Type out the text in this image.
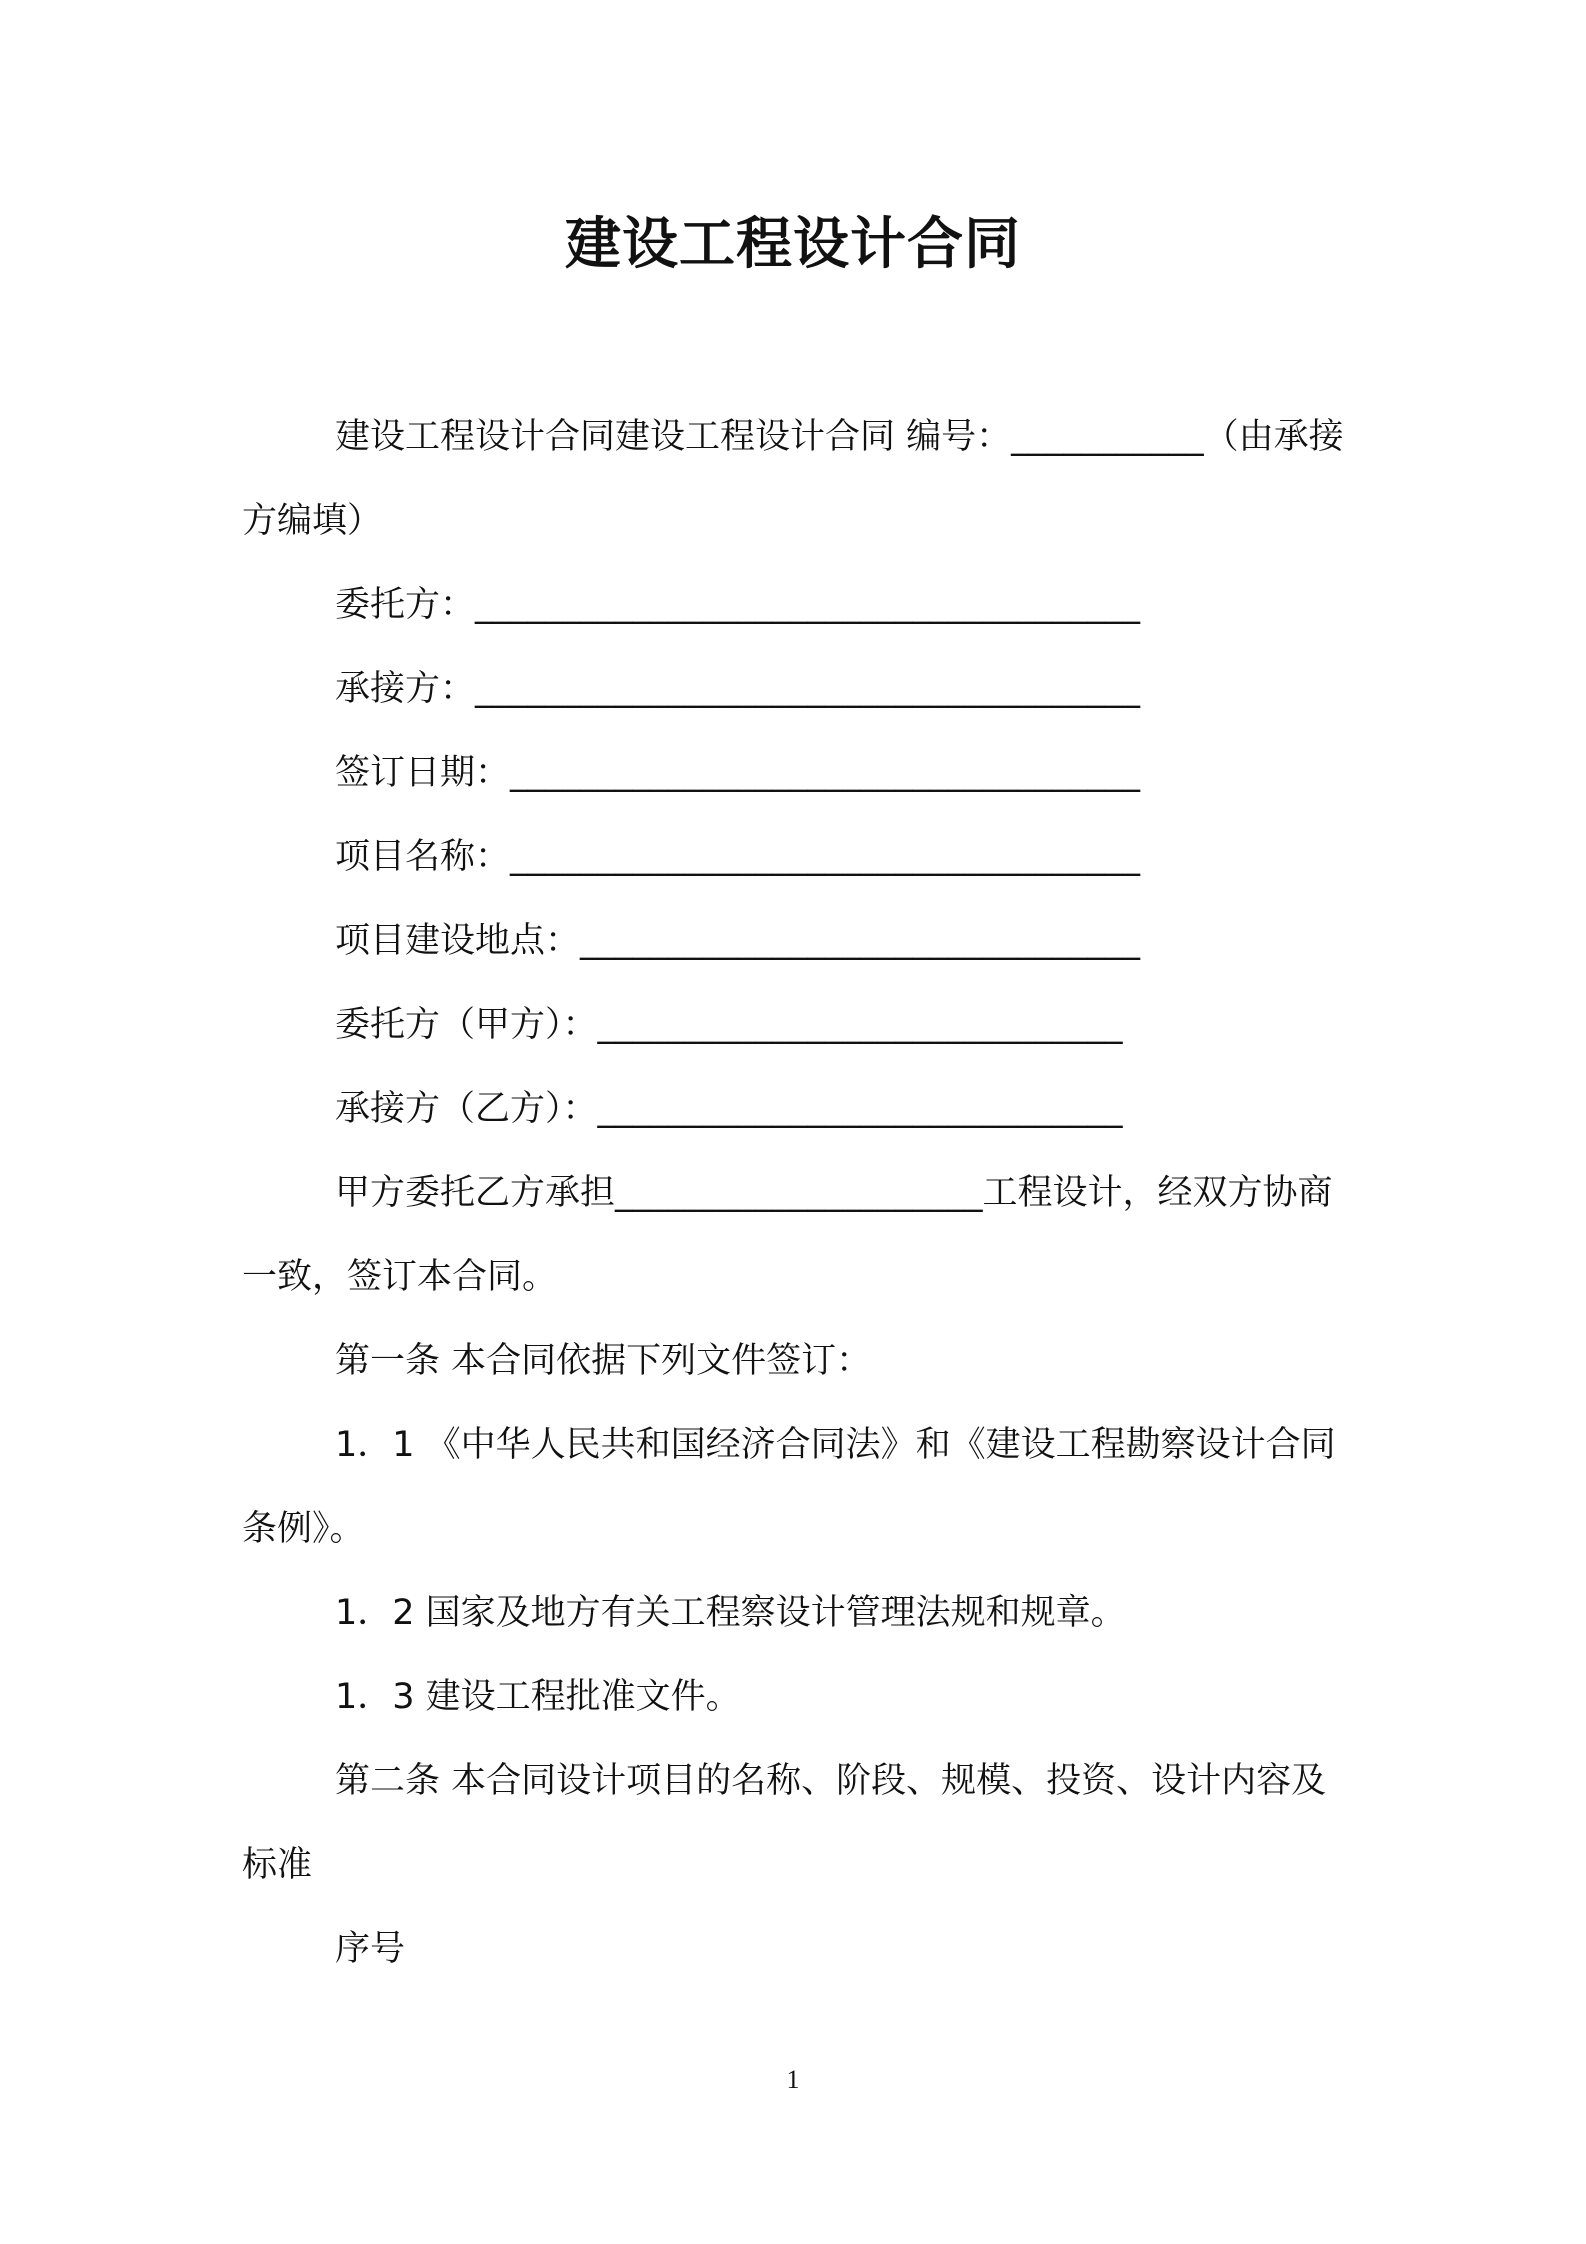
建设工程设计合同

建设工程设计合同建设工程设计合同 编号：___________（由承接方编填）

委托方：______________________________________

承接方：______________________________________

签订日期：____________________________________

项目名称：____________________________________

项目建设地点：________________________________

委托方（甲方）：______________________________

承接方（乙方）：______________________________

甲方委托乙方承担_____________________工程设计，经双方协商一致，签订本合同。

第一条 本合同依据下列文件签订：

1．1 《中华人民共和国经济合同法》和《建设工程勘察设计合同条例》。

1．2 国家及地方有关工程察设计管理法规和规章。

1．3 建设工程批准文件。

第二条 本合同设计项目的名称、阶段、规模、投资、设计内容及标准

序号

1
